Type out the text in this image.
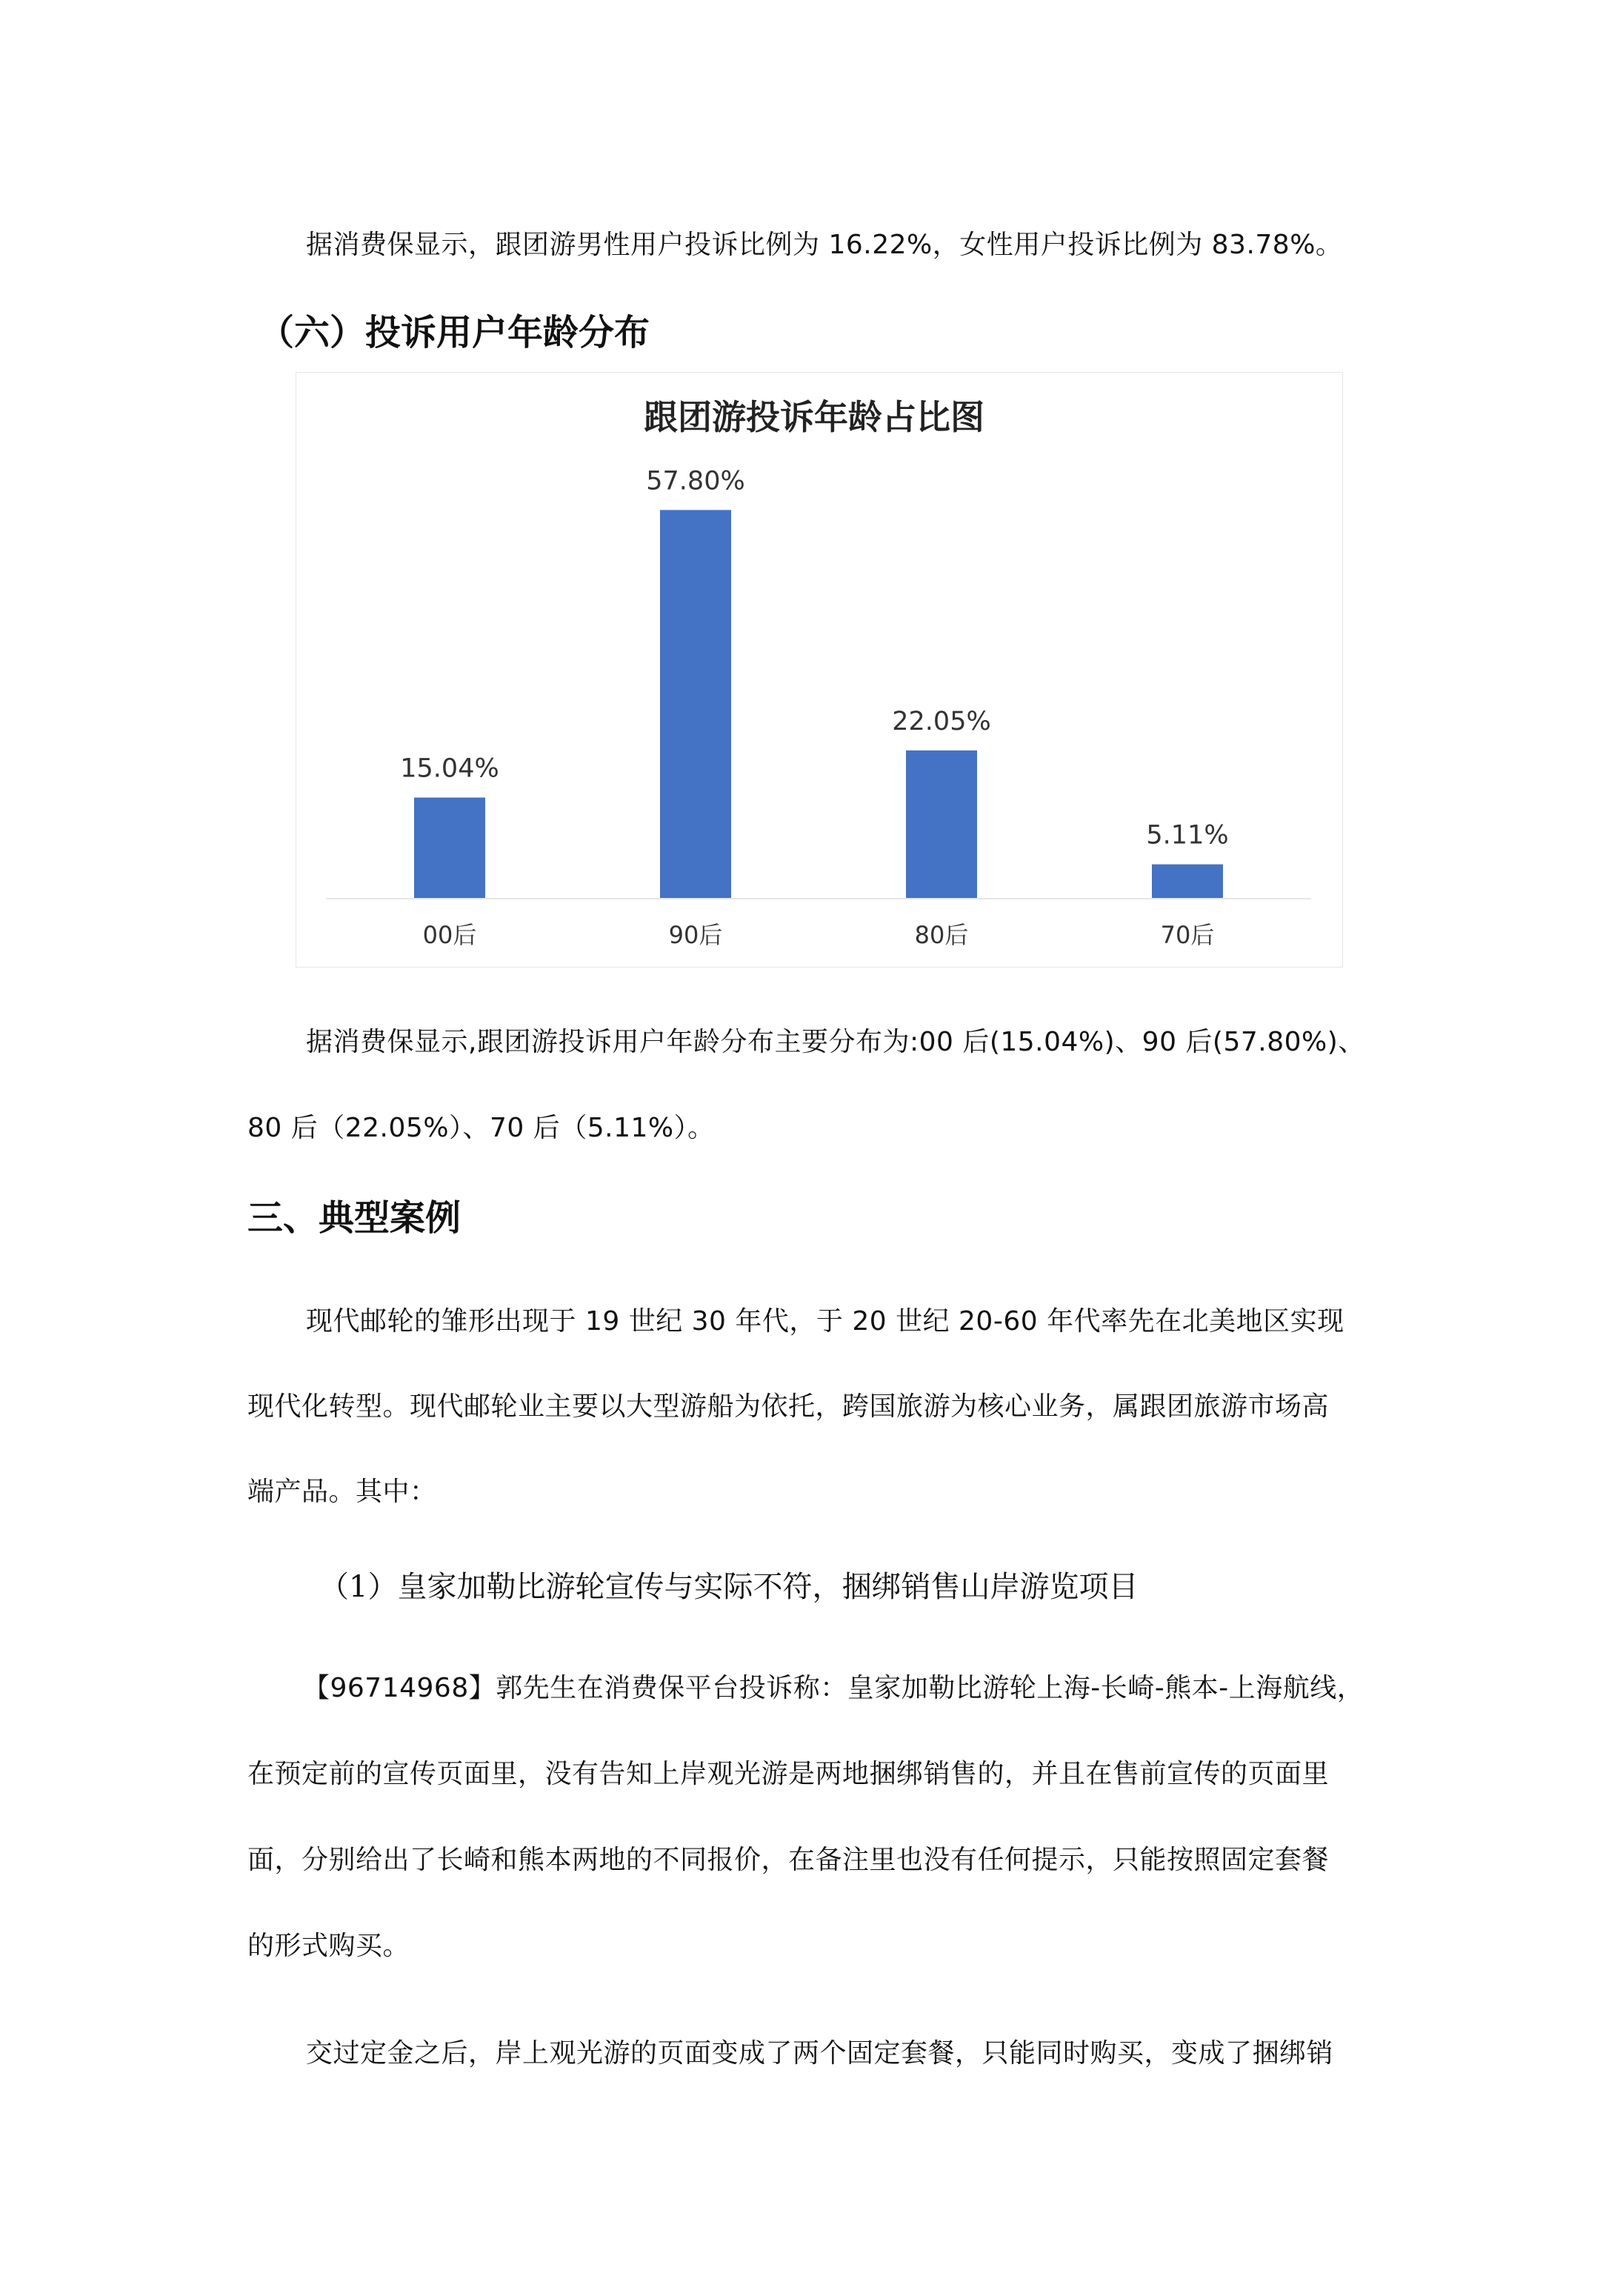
据消费保显示，跟团游男性用户投诉比例为 16.22%，女性用户投诉比例为 83.78%。
（六）投诉用户年龄分布
跟团游投诉年龄占比图
15.04%
57.80%
22.05%
5.11%
00后	90后	80后	70后
据消费保显示,跟团游投诉用户年龄分布主要分布为:00 后(15.04%)、90 后(57.80%)、
80 后（22.05%）、70 后（5.11%）。
三、典型案例
现代邮轮的雏形出现于 19 世纪 30 年代，于 20 世纪 20-60 年代率先在北美地区实现
现代化转型。现代邮轮业主要以大型游船为依托，跨国旅游为核心业务，属跟团旅游市场高
端产品。其中：
（1）皇家加勒比游轮宣传与实际不符，捆绑销售山岸游览项目
【96714968】郭先生在消费保平台投诉称：皇家加勒比游轮上海-长崎-熊本-上海航线，
在预定前的宣传页面里，没有告知上岸观光游是两地捆绑销售的，并且在售前宣传的页面里
面，分别给出了长崎和熊本两地的不同报价，在备注里也没有任何提示，只能按照固定套餐
的形式购买。
交过定金之后，岸上观光游的页面变成了两个固定套餐，只能同时购买，变成了捆绑销
